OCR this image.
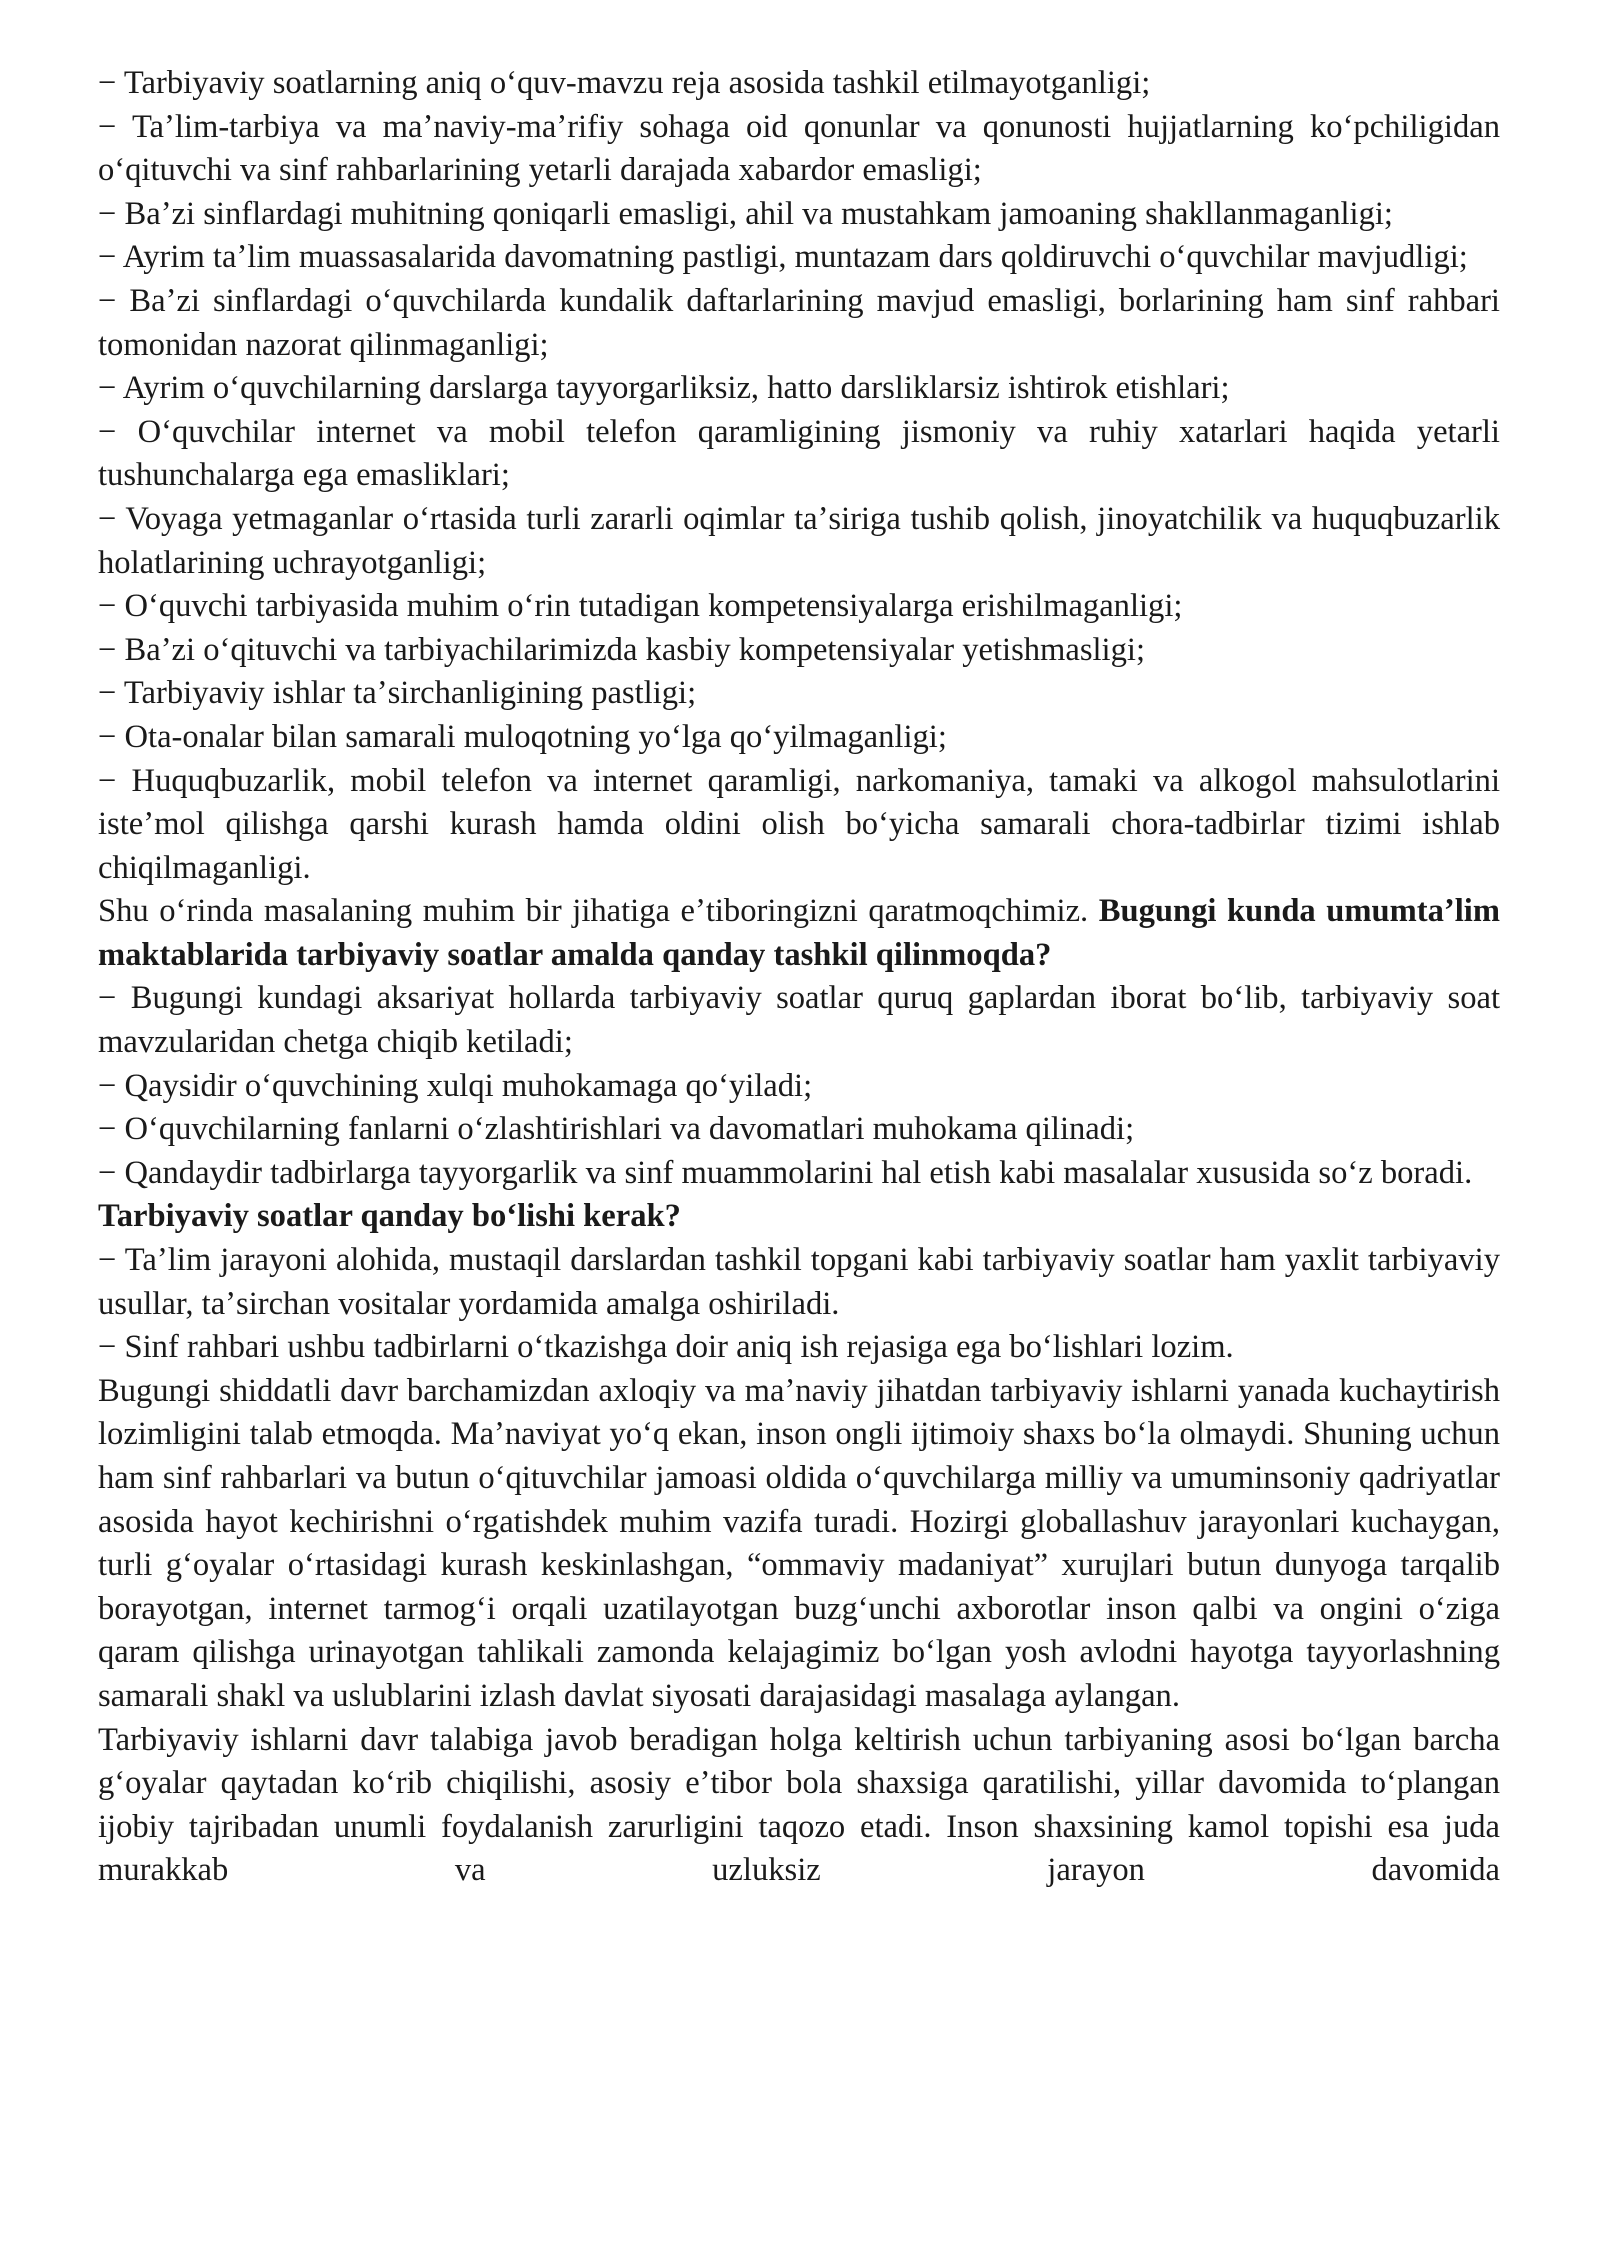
− Tarbiyaviy soatlarning aniq oʻquv-mavzu reja asosida tashkil etilmayotganligi;

− Taʼlim-tarbiya va maʼnaviy-maʼrifiy sohaga oid qonunlar va qonunosti hujjatlarning koʻpchiligidan oʻqituvchi va sinf rahbarlarining yetarli darajada xabardor emasligi;

− Baʼzi sinflardagi muhitning qoniqarli emasligi, ahil va mustahkam jamoaning shakllanmaganligi;

− Ayrim taʼlim muassasalarida davomatning pastligi, muntazam dars qoldiruvchi oʻquvchilar mavjudligi;

− Baʼzi sinflardagi oʻquvchilarda kundalik daftarlarining mavjud emasligi, borlarining ham sinf rahbari tomonidan nazorat qilinmaganligi;

− Ayrim oʻquvchilarning darslarga tayyorgarliksiz, hatto darsliklarsiz ishtirok etishlari;

− Oʻquvchilar internet va mobil telefon qaramligining jismoniy va ruhiy xatarlari haqida yetarli tushunchalarga ega emasliklari;

− Voyaga yetmaganlar oʻrtasida turli zararli oqimlar taʼsiriga tushib qolish, jinoyatchilik va huquqbuzarlik holatlarining uchrayotganligi;

− Oʻquvchi tarbiyasida muhim oʻrin tutadigan kompetensiyalarga erishilmaganligi;

− Baʼzi oʻqituvchi va tarbiyachilarimizda kasbiy kompetensiyalar yetishmasligi;

− Tarbiyaviy ishlar taʼsirchanligining pastligi;

− Ota-onalar bilan samarali muloqotning yoʻlga qoʻyilmaganligi;

− Huquqbuzarlik, mobil telefon va internet qaramligi, narkomaniya, tamaki va alkogol mahsulotlarini isteʼmol qilishga qarshi kurash hamda oldini olish boʻyicha samarali chora-tadbirlar tizimi ishlab chiqilmaganligi.

Shu oʻrinda masalaning muhim bir jihatiga eʼtiboringizni qaratmoqchimiz. Bugungi kunda umumtaʼlim maktablarida tarbiyaviy soatlar amalda qanday tashkil qilinmoqda?

− Bugungi kundagi aksariyat hollarda tarbiyaviy soatlar quruq gaplardan iborat boʻlib, tarbiyaviy soat mavzularidan chetga chiqib ketiladi;

− Qaysidir oʻquvchining xulqi muhokamaga qoʻyiladi;

− Oʻquvchilarning fanlarni oʻzlashtirishlari va davomatlari muhokama qilinadi;

− Qandaydir tadbirlarga tayyorgarlik va sinf muammolarini hal etish kabi masalalar xususida soʻz boradi.

Tarbiyaviy soatlar qanday boʻlishi kerak?

− Taʼlim jarayoni alohida, mustaqil darslardan tashkil topgani kabi tarbiyaviy soatlar ham yaxlit tarbiyaviy usullar, taʼsirchan vositalar yordamida amalga oshiriladi.

− Sinf rahbari ushbu tadbirlarni oʻtkazishga doir aniq ish rejasiga ega boʻlishlari lozim.

Bugungi shiddatli davr barchamizdan axloqiy va maʼnaviy jihatdan tarbiyaviy ishlarni yanada kuchaytirish lozimligini talab etmoqda. Maʼnaviyat yoʻq ekan, inson ongli ijtimoiy shaxs boʻla olmaydi. Shuning uchun ham sinf rahbarlari va butun oʻqituvchilar jamoasi oldida oʻquvchilarga milliy va umuminsoniy qadriyatlar asosida hayot kechirishni oʻrgatishdek muhim vazifa turadi. Hozirgi globallashuv jarayonlari kuchaygan, turli gʻoyalar oʻrtasidagi kurash keskinlashgan, “ommaviy madaniyat” xurujlari butun dunyoga tarqalib borayotgan, internet tarmogʻi orqali uzatilayotgan buzgʻunchi axborotlar inson qalbi va ongini oʻziga qaram qilishga urinayotgan tahlikali zamonda kelajagimiz boʻlgan yosh avlodni hayotga tayyorlashning samarali shakl va uslublarini izlash davlat siyosati darajasidagi masalaga aylangan.

Tarbiyaviy ishlarni davr talabiga javob beradigan holga keltirish uchun tarbiyaning asosi boʻlgan barcha gʻoyalar qaytadan koʻrib chiqilishi, asosiy eʼtibor bola shaxsiga qaratilishi, yillar davomida toʻplangan ijobiy tajribadan unumli foydalanish zarurligini taqozo etadi. Inson shaxsining kamol topishi esa juda murakkab va uzluksiz jarayon davomida
